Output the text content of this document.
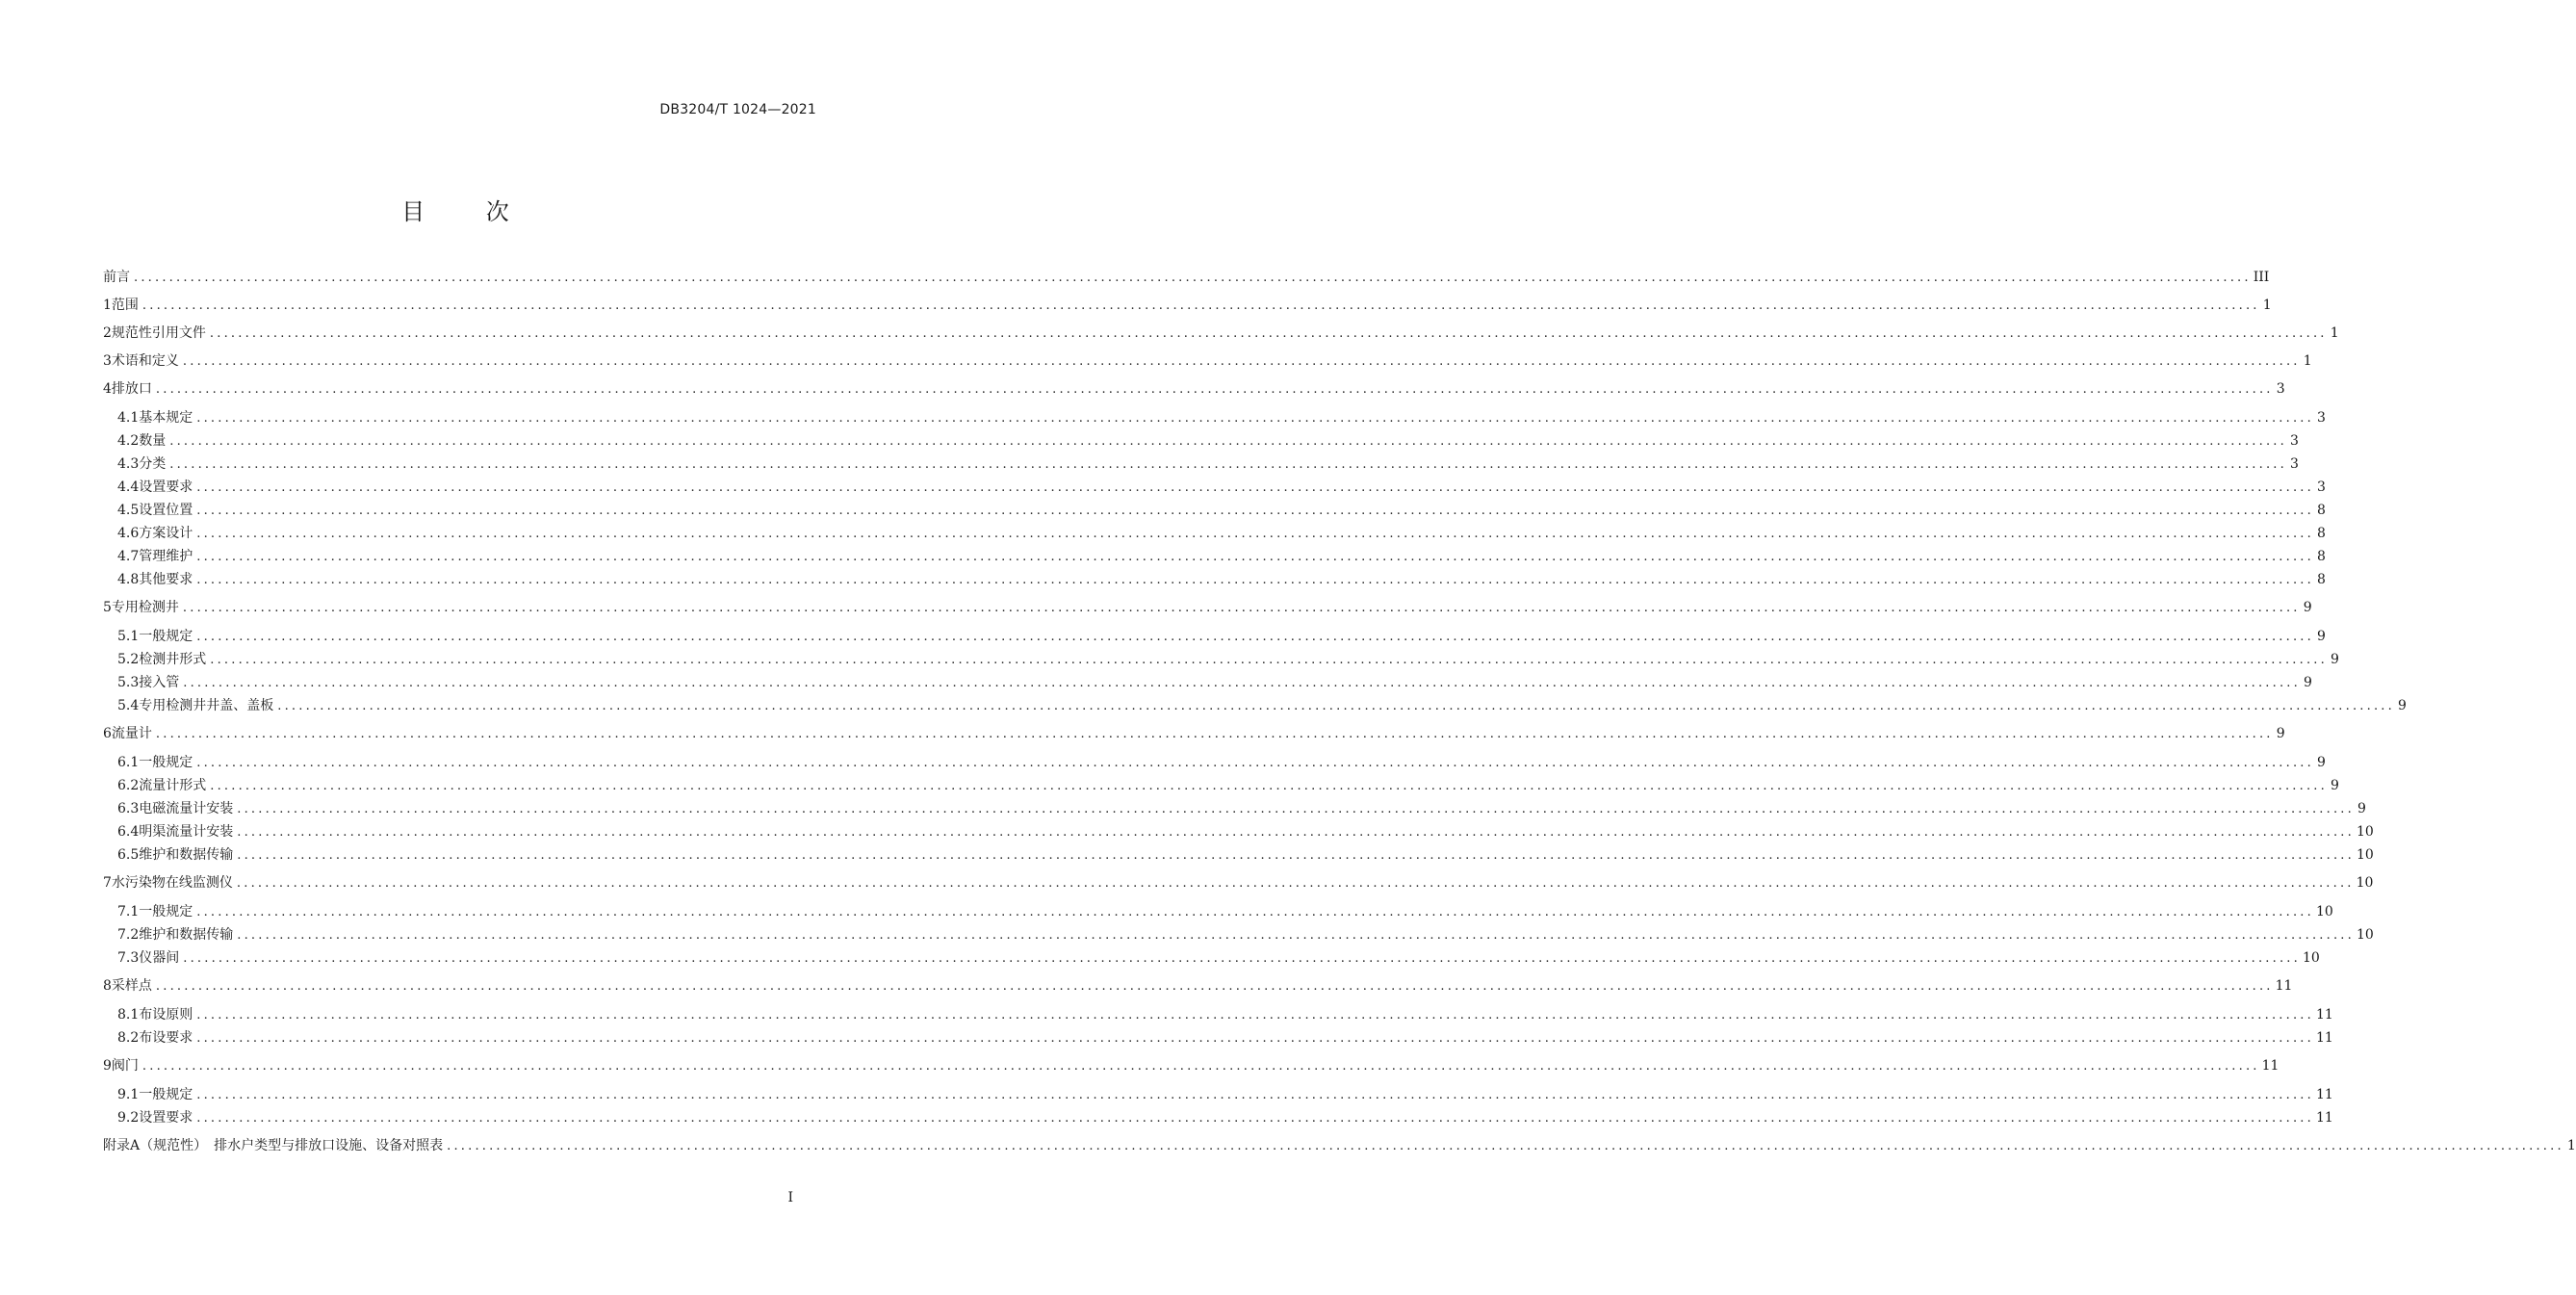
DB3204/T 1024—2021
目 次
前言 ............................................................................................................................................................................................................................................................................................................ III
1 范围 ............................................................................................................................................................................................................................................................................................................ 1
2 规范性引用文件 ............................................................................................................................................................................................................................................................................................................ 1
3 术语和定义 ............................................................................................................................................................................................................................................................................................................ 1
4 排放口 ............................................................................................................................................................................................................................................................................................................ 3
4.1 基本规定 ............................................................................................................................................................................................................................................................................................................ 3
4.2 数量 ............................................................................................................................................................................................................................................................................................................ 3
4.3 分类 ............................................................................................................................................................................................................................................................................................................ 3
4.4 设置要求 ............................................................................................................................................................................................................................................................................................................ 3
4.5 设置位置 ............................................................................................................................................................................................................................................................................................................ 8
4.6 方案设计 ............................................................................................................................................................................................................................................................................................................ 8
4.7 管理维护 ............................................................................................................................................................................................................................................................................................................ 8
4.8 其他要求 ............................................................................................................................................................................................................................................................................................................ 8
5 专用检测井 ............................................................................................................................................................................................................................................................................................................ 9
5.1 一般规定 ............................................................................................................................................................................................................................................................................................................ 9
5.2 检测井形式 ............................................................................................................................................................................................................................................................................................................ 9
5.3 接入管 ............................................................................................................................................................................................................................................................................................................ 9
5.4 专用检测井井盖、盖板 ............................................................................................................................................................................................................................................................................................................ 9
6 流量计 ............................................................................................................................................................................................................................................................................................................ 9
6.1 一般规定 ............................................................................................................................................................................................................................................................................................................ 9
6.2 流量计形式 ............................................................................................................................................................................................................................................................................................................ 9
6.3 电磁流量计安装 ............................................................................................................................................................................................................................................................................................................ 9
6.4 明渠流量计安装 ............................................................................................................................................................................................................................................................................................................ 10
6.5 维护和数据传输 ............................................................................................................................................................................................................................................................................................................ 10
7 水污染物在线监测仪 ............................................................................................................................................................................................................................................................................................................ 10
7.1 一般规定 ............................................................................................................................................................................................................................................................................................................ 10
7.2 维护和数据传输 ............................................................................................................................................................................................................................................................................................................ 10
7.3 仪器间 ............................................................................................................................................................................................................................................................................................................ 10
8 采样点 ............................................................................................................................................................................................................................................................................................................ 11
8.1 布设原则 ............................................................................................................................................................................................................................................................................................................ 11
8.2 布设要求 ............................................................................................................................................................................................................................................................................................................ 11
9 阀门 ............................................................................................................................................................................................................................................................................................................ 11
9.1 一般规定 ............................................................................................................................................................................................................................................................................................................ 11
9.2 设置要求 ............................................................................................................................................................................................................................................................................................................ 11
附录A（规范性）　排水户类型与排放口设施、设备对照表 ............................................................................................................................................................................................................................................................................................................ 1
I
